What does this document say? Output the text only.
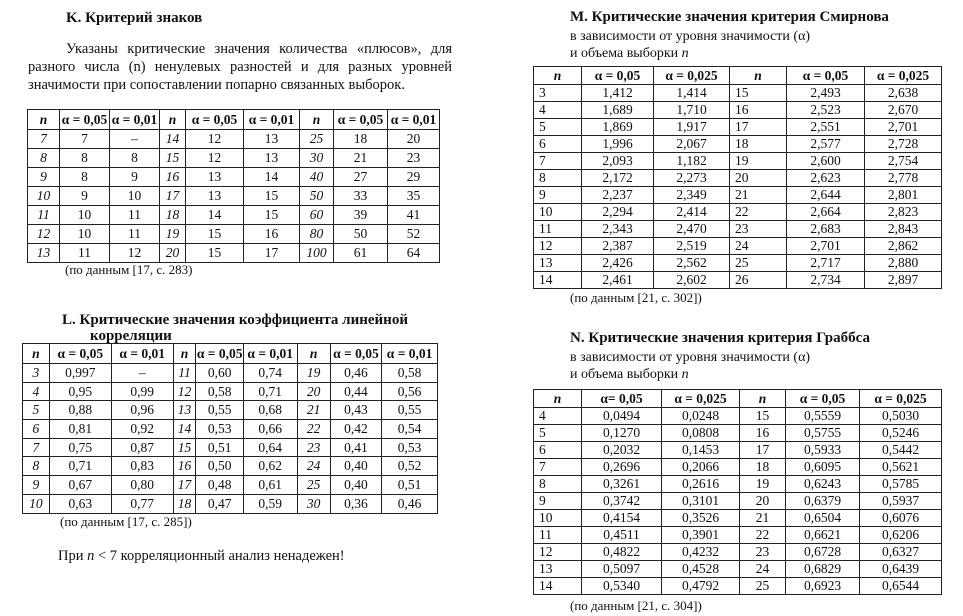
K. Критерий знаков
Указаны критические значения количества «плюсов», для разного числа (n) ненулевых разностей и для разных уровней значимости при сопоставлении попарно связанных выборок.
n	α = 0,05	α = 0,01	n	α = 0,05	α = 0,01	n	α = 0,05	α = 0,01
7	7	–	14	12	13	25	18	20
8	8	8	15	12	13	30	21	23
9	8	9	16	13	14	40	27	29
10	9	10	17	13	15	50	33	35
11	10	11	18	14	15	60	39	41
12	10	11	19	15	16	80	50	52
13	11	12	20	15	17	100	61	64
(по данным [17, с. 283)
L. Критические значения коэффициента линейной
корреляции
n	α = 0,05	α = 0,01	n	α = 0,05	α = 0,01	n	α = 0,05	α = 0,01
3	0,997	–	11	0,60	0,74	19	0,46	0,58
4	0,95	0,99	12	0,58	0,71	20	0,44	0,56
5	0,88	0,96	13	0,55	0,68	21	0,43	0,55
6	0,81	0,92	14	0,53	0,66	22	0,42	0,54
7	0,75	0,87	15	0,51	0,64	23	0,41	0,53
8	0,71	0,83	16	0,50	0,62	24	0,40	0,52
9	0,67	0,80	17	0,48	0,61	25	0,40	0,51
10	0,63	0,77	18	0,47	0,59	30	0,36	0,46
(по данным [17, с. 285])
При n < 7 корреляционный анализ ненадежен!
M. Критические значения критерия Смирнова
в зависимости от уровня значимости (α)
и объема выборки n
n	α = 0,05	α = 0,025	n	α = 0,05	α = 0,025
3	1,412	1,414	15	2,493	2,638
4	1,689	1,710	16	2,523	2,670
5	1,869	1,917	17	2,551	2,701
6	1,996	2,067	18	2,577	2,728
7	2,093	1,182	19	2,600	2,754
8	2,172	2,273	20	2,623	2,778
9	2,237	2,349	21	2,644	2,801
10	2,294	2,414	22	2,664	2,823
11	2,343	2,470	23	2,683	2,843
12	2,387	2,519	24	2,701	2,862
13	2,426	2,562	25	2,717	2,880
14	2,461	2,602	26	2,734	2,897
(по данным [21, с. 302])
N. Критические значения критерия Граббса
в зависимости от уровня значимости (α)
и объема выборки n
n	α= 0,05	α = 0,025	n	α = 0,05	α = 0,025
4	0,0494	0,0248	15	0,5559	0,5030
5	0,1270	0,0808	16	0,5755	0,5246
6	0,2032	0,1453	17	0,5933	0,5442
7	0,2696	0,2066	18	0,6095	0,5621
8	0,3261	0,2616	19	0,6243	0,5785
9	0,3742	0,3101	20	0,6379	0,5937
10	0,4154	0,3526	21	0,6504	0,6076
11	0,4511	0,3901	22	0,6621	0,6206
12	0,4822	0,4232	23	0,6728	0,6327
13	0,5097	0,4528	24	0,6829	0,6439
14	0,5340	0,4792	25	0,6923	0,6544
(по данным [21, с. 304])
